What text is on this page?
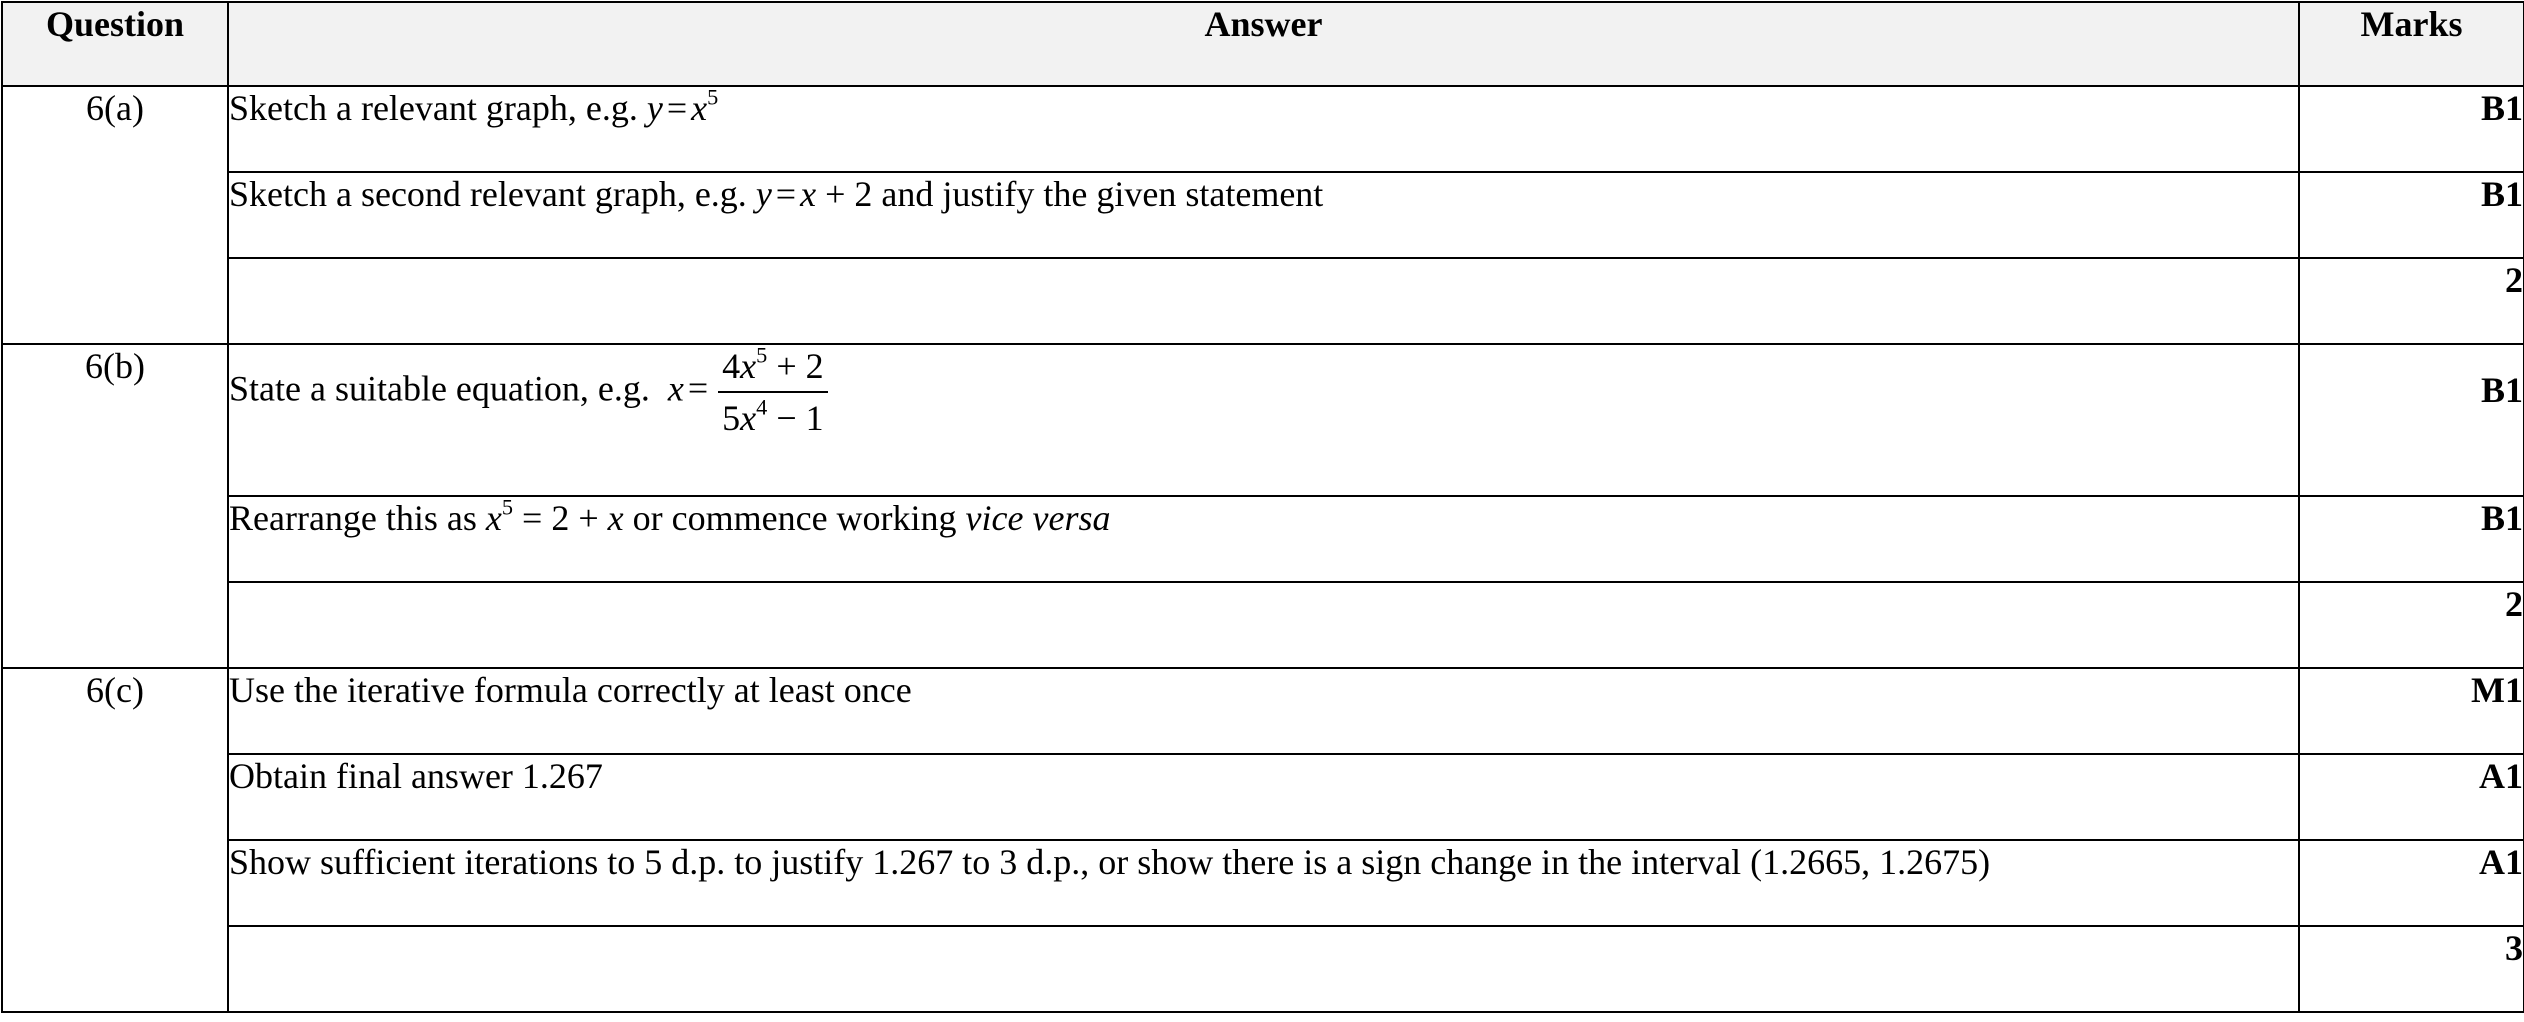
Question	Answer	Marks
6(a)	Sketch a relevant graph, e.g. $y = x^5$	B1
	Sketch a second relevant graph, e.g. y = x + 2 and justify the given statement	B1
		2
6(b)	State a suitable equation, e.g. $x = \frac{4x^5 + 2}{5x^4 - 1}$	B1
	Rearrange this as $x^5 = 2 + x$ or commence working vice versa	B1
		2
6(c)	Use the iterative formula correctly at least once	M1
	Obtain final answer 1.267	A1
	Show sufficient iterations to 5 d.p. to justify 1.267 to 3 d.p., or show there is a sign change in the interval (1.2665, 1.2675)	A1
		3
